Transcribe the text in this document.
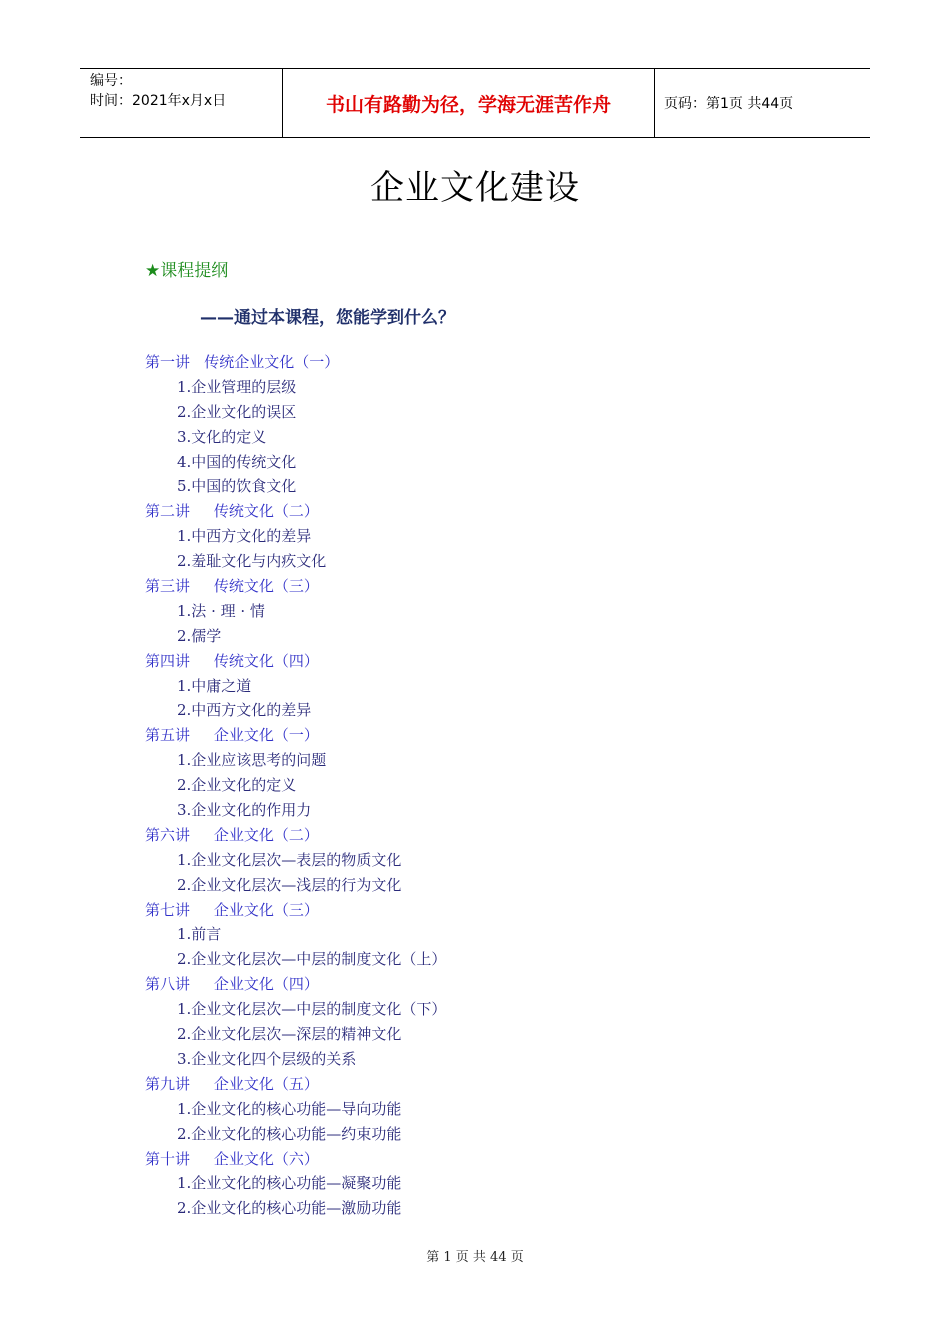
编号：
时间：2021年x月x日	书山有路勤为径，学海无涯苦作舟	页码：第1页 共44页
企业文化建设
★课程提纲
——通过本课程，您能学到什么？
第一讲   传统企业文化（一）
1.企业管理的层级
2.企业文化的误区
3.文化的定义
4.中国的传统文化
5.中国的饮食文化
第二讲     传统文化（二）
1.中西方文化的差异
2.羞耻文化与内疚文化
第三讲     传统文化（三）
1.法 · 理 · 情
2.儒学
第四讲     传统文化（四）
1.中庸之道
2.中西方文化的差异
第五讲     企业文化（一）
1.企业应该思考的问题
2.企业文化的定义
3.企业文化的作用力
第六讲     企业文化（二）
1.企业文化层次—表层的物质文化
2.企业文化层次—浅层的行为文化
第七讲     企业文化（三）
1.前言
2.企业文化层次—中层的制度文化（上）
第八讲     企业文化（四）
1.企业文化层次—中层的制度文化（下）
2.企业文化层次—深层的精神文化
3.企业文化四个层级的关系
第九讲     企业文化（五）
1.企业文化的核心功能—导向功能
2.企业文化的核心功能—约束功能
第十讲     企业文化（六）
1.企业文化的核心功能—凝聚功能
2.企业文化的核心功能—激励功能
第 1 页 共 44 页
